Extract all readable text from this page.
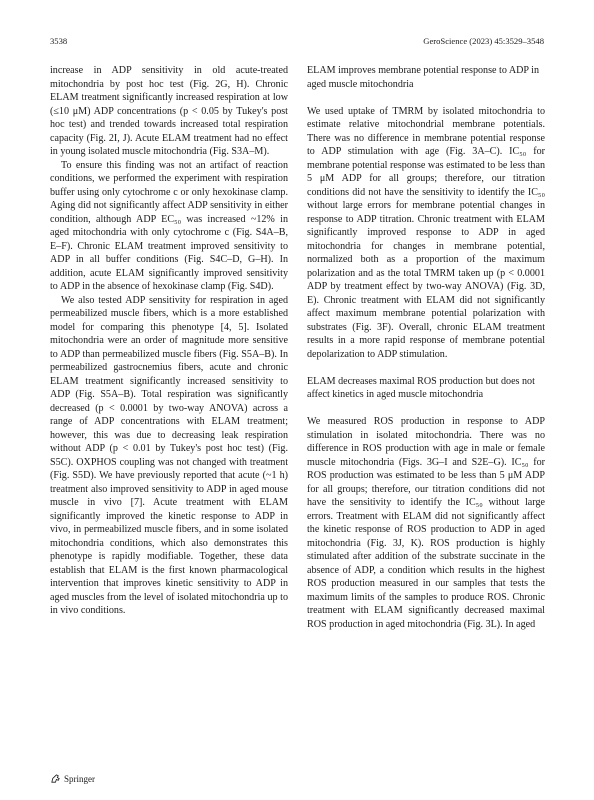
3538	GeroScience (2023) 45:3529–3548

increase in ADP sensitivity in old acute-treated mitochondria by post hoc test (Fig. 2G, H). Chronic ELAM treatment significantly increased respiration at low (≤10 μM) ADP concentrations (p < 0.05 by Tukey's post hoc test) and trended towards increased total respiration capacity (Fig. 2I, J). Acute ELAM treatment had no effect in young isolated muscle mitochondria (Fig. S3A–M).

To ensure this finding was not an artifact of reaction conditions, we performed the experiment with respiration buffer using only cytochrome c or only hexokinase clamp. Aging did not significantly affect ADP sensitivity in either condition, although ADP EC₅₀ was increased ~12% in aged mitochondria with only cytochrome c (Fig. S4A–B, E–F). Chronic ELAM treatment improved sensitivity to ADP in all buffer conditions (Fig. S4C–D, G–H). In addition, acute ELAM significantly improved sensitivity to ADP in the absence of hexokinase clamp (Fig. S4D).

We also tested ADP sensitivity for respiration in aged permeabilized muscle fibers, which is a more established model for comparing this phenotype [4, 5]. Isolated mitochondria were an order of magnitude more sensitive to ADP than permeabilized muscle fibers (Fig. S5A–B). In permeabilized gastrocnemius fibers, acute and chronic ELAM treatment significantly increased sensitivity to ADP (Fig. S5A–B). Total respiration was significantly decreased (p < 0.0001 by two-way ANOVA) across a range of ADP concentrations with ELAM treatment; however, this was due to decreasing leak respiration without ADP (p < 0.01 by Tukey's post hoc test) (Fig. S5C). OXPHOS coupling was not changed with treatment (Fig. S5D). We have previously reported that acute (~1 h) treatment also improved sensitivity to ADP in aged mouse muscle in vivo [7]. Acute treatment with ELAM significantly improved the kinetic response to ADP in vivo, in permeabilized muscle fibers, and in some isolated mitochondria conditions, which also demonstrates this phenotype is rapidly modifiable. Together, these data establish that ELAM is the first known pharmacological intervention that improves kinetic sensitivity to ADP in aged muscles from the level of isolated mitochondria up to in vivo conditions.

ELAM improves membrane potential response to ADP in aged muscle mitochondria

We used uptake of TMRM by isolated mitochondria to estimate relative mitochondrial membrane potentials. There was no difference in membrane potential response to ADP stimulation with age (Fig. 3A–C). IC₅₀ for membrane potential response was estimated to be less than 5 μM ADP for all groups; therefore, our titration conditions did not have the sensitivity to identify the IC₅₀ without large errors for membrane potential changes in response to ADP titration. Chronic treatment with ELAM significantly improved response to ADP in aged mitochondria for changes in membrane potential, normalized both as a proportion of the maximum polarization and as the total TMRM taken up (p < 0.0001 ADP by treatment effect by two-way ANOVA) (Fig. 3D, E). Chronic treatment with ELAM did not significantly affect maximum membrane potential polarization with substrates (Fig. 3F). Overall, chronic ELAM treatment results in a more rapid response of membrane potential depolarization to ADP stimulation.

ELAM decreases maximal ROS production but does not affect kinetics in aged muscle mitochondria

We measured ROS production in response to ADP stimulation in isolated mitochondria. There was no difference in ROS production with age in male or female muscle mitochondria (Figs. 3G–I and S2E–G). IC₅₀ for ROS production was estimated to be less than 5 μM ADP for all groups; therefore, our titration conditions did not have the sensitivity to identify the IC₅₀ without large errors. Treatment with ELAM did not significantly affect the kinetic response of ROS production to ADP in aged mitochondria (Fig. 3J, K). ROS production is highly stimulated after addition of the substrate succinate in the absence of ADP, a condition which results in the highest ROS production measured in our samples that tests the maximum limits of the samples to produce ROS. Chronic treatment with ELAM significantly decreased maximal ROS production in aged mitochondria (Fig. 3L). In aged

Springer
